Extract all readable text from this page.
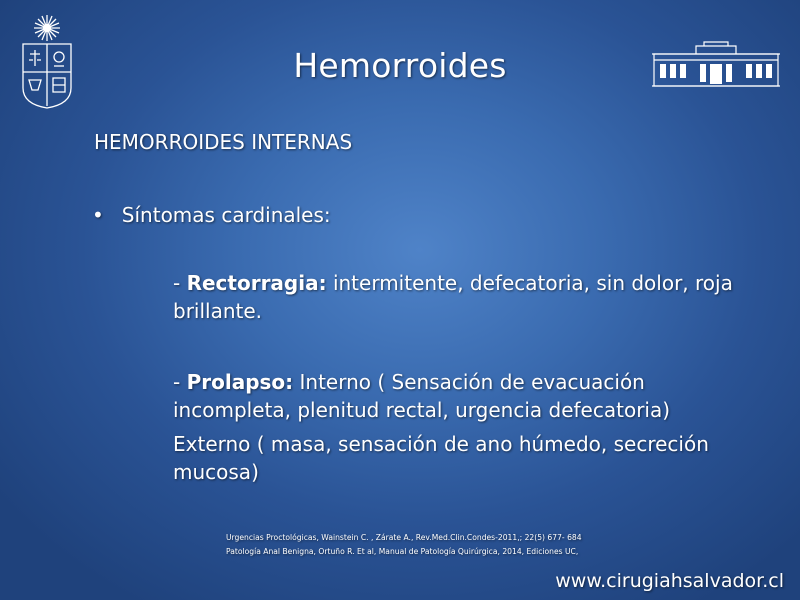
Hemorroides
HEMORROIDES INTERNAS
• Síntomas cardinales:
- Rectorragia: intermitente, defecatoria, sin dolor, roja brillante.
- Prolapso: Interno ( Sensación de evacuación incompleta, plenitud rectal, urgencia defecatoria)
Externo ( masa, sensación de ano húmedo, secreción mucosa)
Urgencias Proctológicas, Wainstein C. , Zárate A., Rev.Med.Clin.Condes-2011,; 22(5) 677- 684
Patología Anal Benigna, Ortuño R. Et al, Manual de Patología Quirúrgica, 2014, Ediciones UC,
www.cirugiahsalvador.cl
